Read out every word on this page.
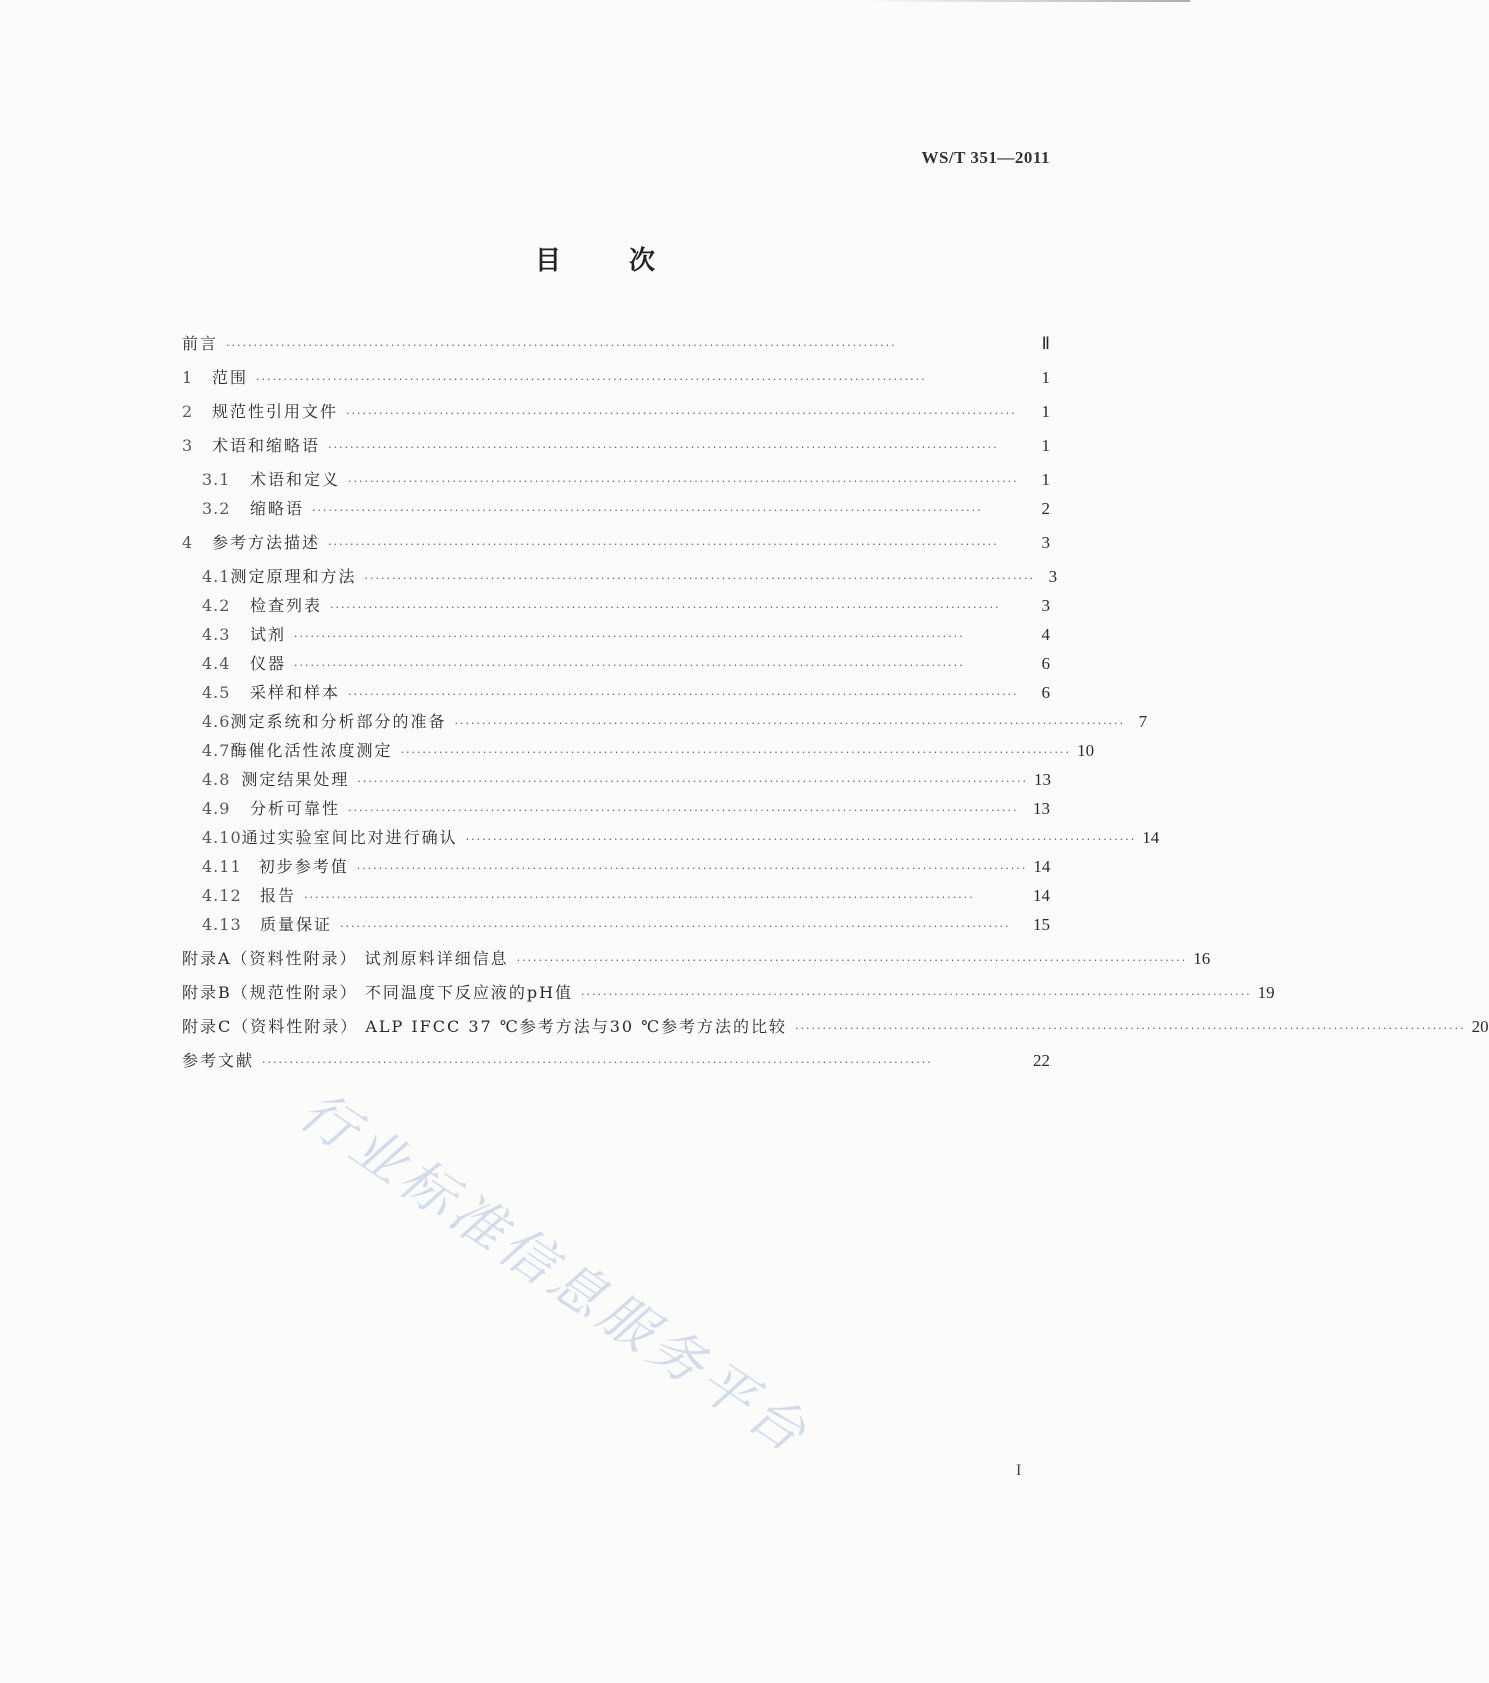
WS/T 351—2011
目	次
前言 ··························································································································	Ⅱ
1	范围 ··························································································································	1
2	规范性引用文件 ··························································································································	1
3	术语和缩略语 ··························································································································	1
3.1	术语和定义 ··························································································································	1
3.2	缩略语 ··························································································································	2
4	参考方法描述 ··························································································································	3
4.1 测定原理和方法 ·························································································································· 3
4.2	检查列表 ··························································································································	3
4.3	试剂 ··························································································································	4
4.4	仪器 ··························································································································	6
4.5	采样和样本 ··························································································································	6
4.6 测定系统和分析部分的准备 ·························································································································· 7
4.7 酶催化活性浓度测定 ·························································································································· 10
4.8 测定结果处理 ·························································································································· 13
4.9	分析可靠性 ·························································································································· 13
4.10 通过实验室间比对进行确认 ·························································································································· 14
4.11	初步参考值 ·························································································································· 14
4.12	报告 ··························································································································	14
4.13	质量保证 ··························································································································	15
附录A（资料性附录） 试剂原料详细信息 ·························································································································· 16
附录B（规范性附录） 不同温度下反应液的pH值 ·························································································································· 19
附录C（资料性附录） ALP IFCC 37 ℃参考方法与30 ℃参考方法的比较 ·························································································································· 20
参考文献 ··························································································································	22
行业标准信息服务平台
I
